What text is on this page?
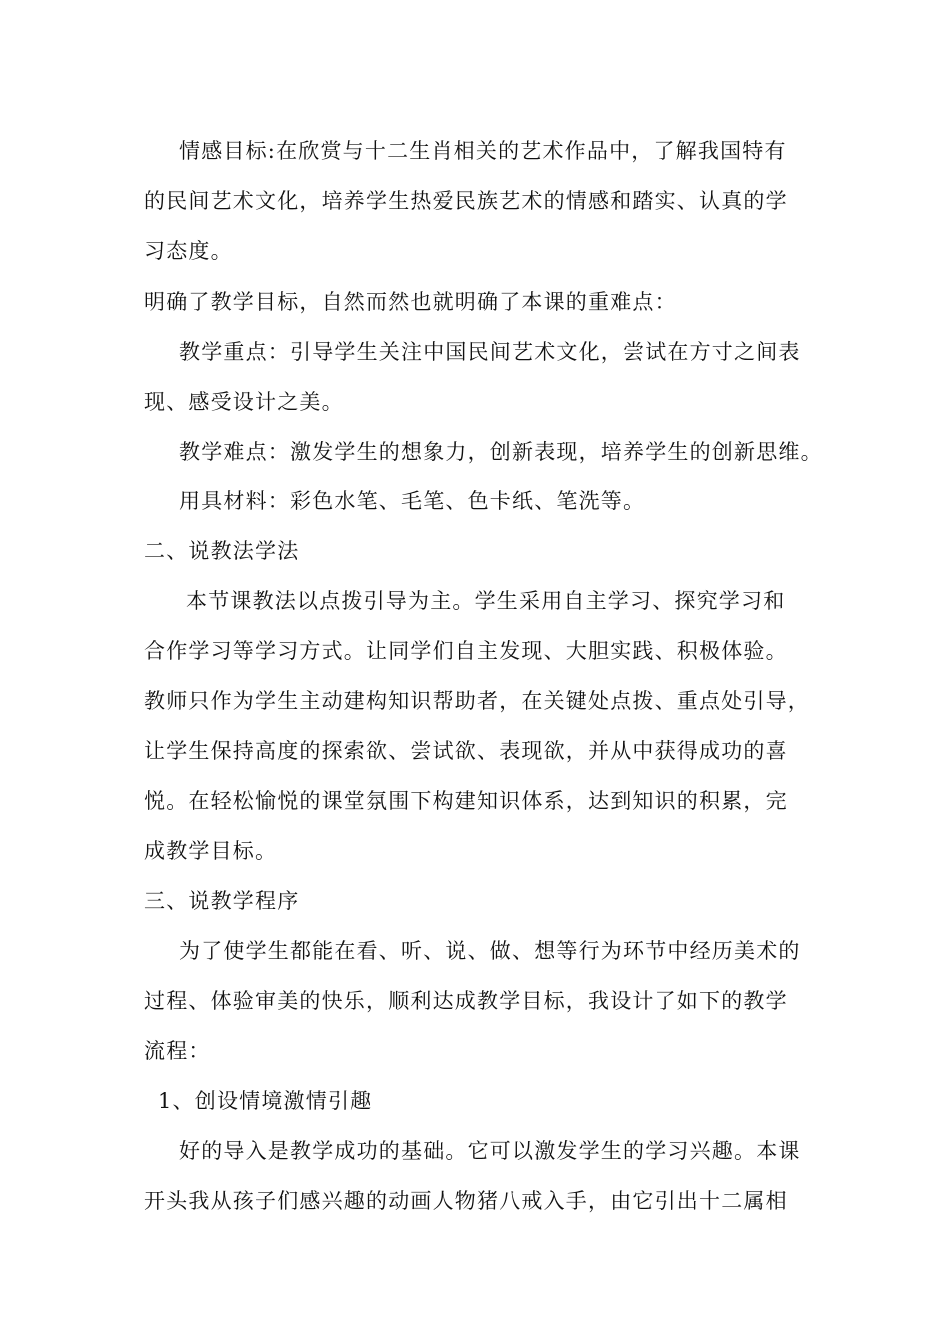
情感目标:在欣赏与十二生肖相关的艺术作品中，了解我国特有
的民间艺术文化，培养学生热爱民族艺术的情感和踏实、认真的学
习态度。
明确了教学目标，自然而然也就明确了本课的重难点：
教学重点：引导学生关注中国民间艺术文化，尝试在方寸之间表
现、感受设计之美。
教学难点：激发学生的想象力，创新表现，培养学生的创新思维。
用具材料：彩色水笔、毛笔、色卡纸、笔洗等。
二、说教法学法
本节课教法以点拨引导为主。学生采用自主学习、探究学习和
合作学习等学习方式。让同学们自主发现、大胆实践、积极体验。
教师只作为学生主动建构知识帮助者，在关键处点拨、重点处引导，
让学生保持高度的探索欲、尝试欲、表现欲，并从中获得成功的喜
悦。在轻松愉悦的课堂氛围下构建知识体系，达到知识的积累，完
成教学目标。
三、说教学程序
为了使学生都能在看、听、说、做、想等行为环节中经历美术的
过程、体验审美的快乐，顺利达成教学目标，我设计了如下的教学
流程：
1、创设情境激情引趣
好的导入是教学成功的基础。它可以激发学生的学习兴趣。本课
开头我从孩子们感兴趣的动画人物猪八戒入手，由它引出十二属相
